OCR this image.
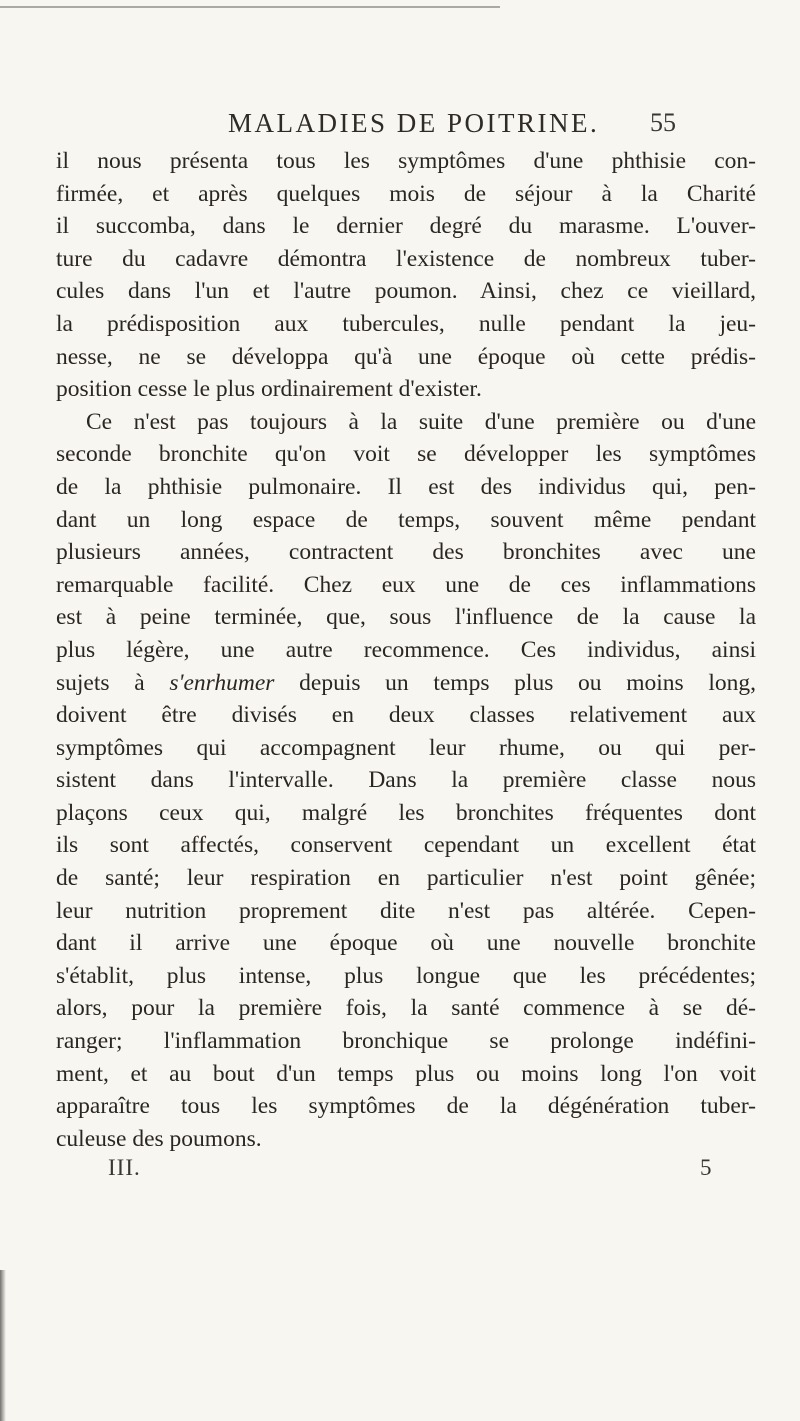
MALADIES DE POITRINE. 55
il nous présenta tous les symptômes d'une phthisie con-
firmée, et après quelques mois de séjour à la Charité
il succomba, dans le dernier degré du marasme. L'ouver-
ture du cadavre démontra l'existence de nombreux tuber-
cules dans l'un et l'autre poumon. Ainsi, chez ce vieillard,
la prédisposition aux tubercules, nulle pendant la jeu-
nesse, ne se développa qu'à une époque où cette prédis-
position cesse le plus ordinairement d'exister.
Ce n'est pas toujours à la suite d'une première ou d'une
seconde bronchite qu'on voit se développer les symptômes
de la phthisie pulmonaire. Il est des individus qui, pen-
dant un long espace de temps, souvent même pendant
plusieurs années, contractent des bronchites avec une
remarquable facilité. Chez eux une de ces inflammations
est à peine terminée, que, sous l'influence de la cause la
plus légère, une autre recommence. Ces individus, ainsi
sujets à s'enrhumer depuis un temps plus ou moins long,
doivent être divisés en deux classes relativement aux
symptômes qui accompagnent leur rhume, ou qui per-
sistent dans l'intervalle. Dans la première classe nous
plaçons ceux qui, malgré les bronchites fréquentes dont
ils sont affectés, conservent cependant un excellent état
de santé; leur respiration en particulier n'est point gênée;
leur nutrition proprement dite n'est pas altérée. Cepen-
dant il arrive une époque où une nouvelle bronchite
s'établit, plus intense, plus longue que les précédentes;
alors, pour la première fois, la santé commence à se dé-
ranger; l'inflammation bronchique se prolonge indéfini-
ment, et au bout d'un temps plus ou moins long l'on voit
apparaître tous les symptômes de la dégénération tuber-
culeuse des poumons.
III.	5
